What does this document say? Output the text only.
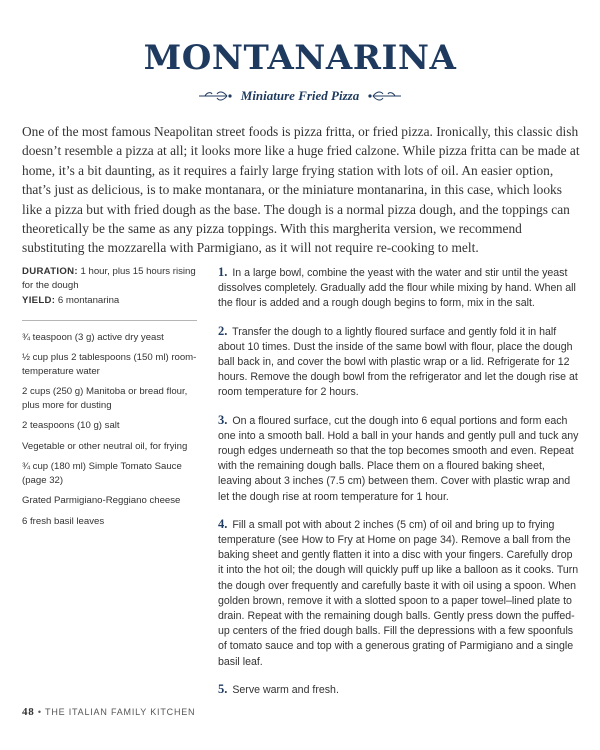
MONTANARINA
Miniature Fried Pizza

One of the most famous Neapolitan street foods is pizza fritta, or fried pizza. Ironically, this classic dish doesn’t resemble a pizza at all; it looks more like a huge fried calzone. While pizza fritta can be made at home, it’s a bit daunting, as it requires a fairly large frying station with lots of oil. An easier option, that’s just as delicious, is to make montanara, or the miniature montanarina, in this case, which looks like a pizza but with fried dough as the base. The dough is a normal pizza dough, and the toppings can theoretically be the same as any pizza toppings. With this margherita version, we recommend substituting the mozzarella with Parmigiano, as it will not require re-cooking to melt.

DURATION: 1 hour, plus 15 hours rising for the dough

YIELD: 6 montanarina

¾ teaspoon (3 g) active dry yeast
½ cup plus 2 tablespoons (150 ml) room-temperature water
2 cups (250 g) Manitoba or bread flour, plus more for dusting
2 teaspoons (10 g) salt
Vegetable or other neutral oil, for frying
¾ cup (180 ml) Simple Tomato Sauce (page 32)
Grated Parmigiano-Reggiano cheese
6 fresh basil leaves
1. In a large bowl, combine the yeast with the water and stir until the yeast dissolves completely. Gradually add the flour while mixing by hand. When all the flour is added and a rough dough begins to form, mix in the salt.
2. Transfer the dough to a lightly floured surface and gently fold it in half about 10 times. Dust the inside of the same bowl with flour, place the dough ball back in, and cover the bowl with plastic wrap or a lid. Refrigerate for 12 hours. Remove the dough bowl from the refrigerator and let the dough rise at room temperature for 2 hours.
3. On a floured surface, cut the dough into 6 equal portions and form each one into a smooth ball. Hold a ball in your hands and gently pull and tuck any rough edges underneath so that the top becomes smooth and even. Repeat with the remaining dough balls. Place them on a floured baking sheet, leaving about 3 inches (7.5 cm) between them. Cover with plastic wrap and let the dough rise at room temperature for 1 hour.
4. Fill a small pot with about 2 inches (5 cm) of oil and bring up to frying temperature (see How to Fry at Home on page 34). Remove a ball from the baking sheet and gently flatten it into a disc with your fingers. Carefully drop it into the hot oil; the dough will quickly puff up like a balloon as it cooks. Turn the dough over frequently and carefully baste it with oil using a spoon. When golden brown, remove it with a slotted spoon to a paper towel–lined plate to drain. Repeat with the remaining dough balls. Gently press down the puffed-up centers of the fried dough balls. Fill the depressions with a few spoonfuls of tomato sauce and top with a generous grating of Parmigiano and a single basil leaf.
5. Serve warm and fresh.
48 • THE ITALIAN FAMILY KITCHEN
